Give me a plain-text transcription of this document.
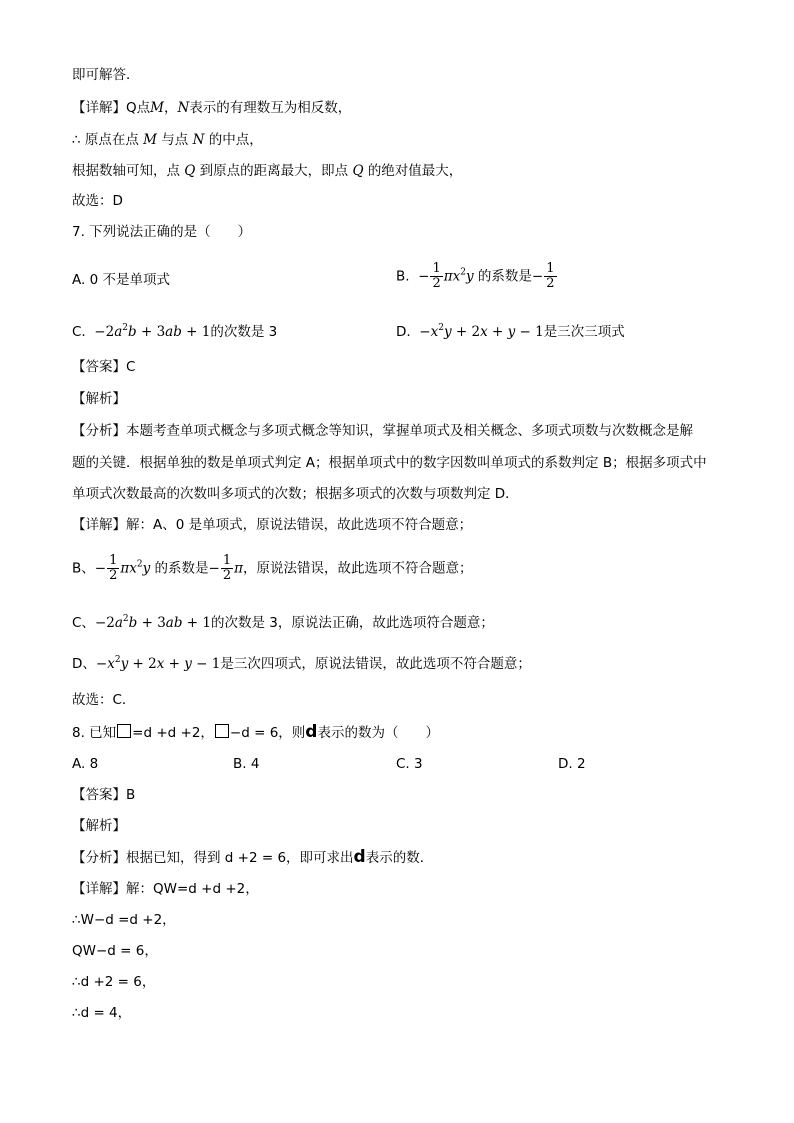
即可解答．
【详解】Q点M，N表示的有理数互为相反数，
∴ 原点在点 M 与点 N 的中点，
根据数轴可知，点 Q 到原点的距离最大，即点 Q 的绝对值最大，
故选：D
7. 下列说法正确的是（　　）
A. 0 不是单项式	B.  − $\frac{1}{2} \pi x^2y$ 的系数是− $\frac{1}{2}$
C.  $-2a^2b + 3ab + 1$的次数是 3	D.  $-x^2y + 2x + y - 1$是三次三项式
【答案】C
【解析】
【分析】本题考查单项式概念与多项式概念等知识，掌握单项式及相关概念、多项式项数与次数概念是解
题的关键．根据单独的数是单项式判定 A；根据单项式中的数字因数叫单项式的系数判定 B；根据多项式中
单项式次数最高的次数叫多项式的次数；根据多项式的次数与项数判定 D．
【详解】解：A、0 是单项式，原说法错误，故此选项不符合题意；
B、− $\frac{1}{2} \pi x^2y$ 的系数是− $\frac{1}{2}$ π，原说法错误，故此选项不符合题意；
C、$-2a^2b + 3ab + 1$的次数是 3，原说法正确，故此选项符合题意；
D、$-x^2y + 2x + y - 1$是三次四项式，原说法错误，故此选项不符合题意；
故选：C．
8. 已知 =d +d +2， −d = 6，则d表示的数为（　　）
A. 8	B. 4	C. 3	D. 2
【答案】B
【解析】
【分析】根据已知，得到 d +2 = 6，即可求出d表示的数．
【详解】解：QW=d +d +2，
∴W−d =d +2，
QW−d = 6，
∴d +2 = 6，
∴d = 4，
